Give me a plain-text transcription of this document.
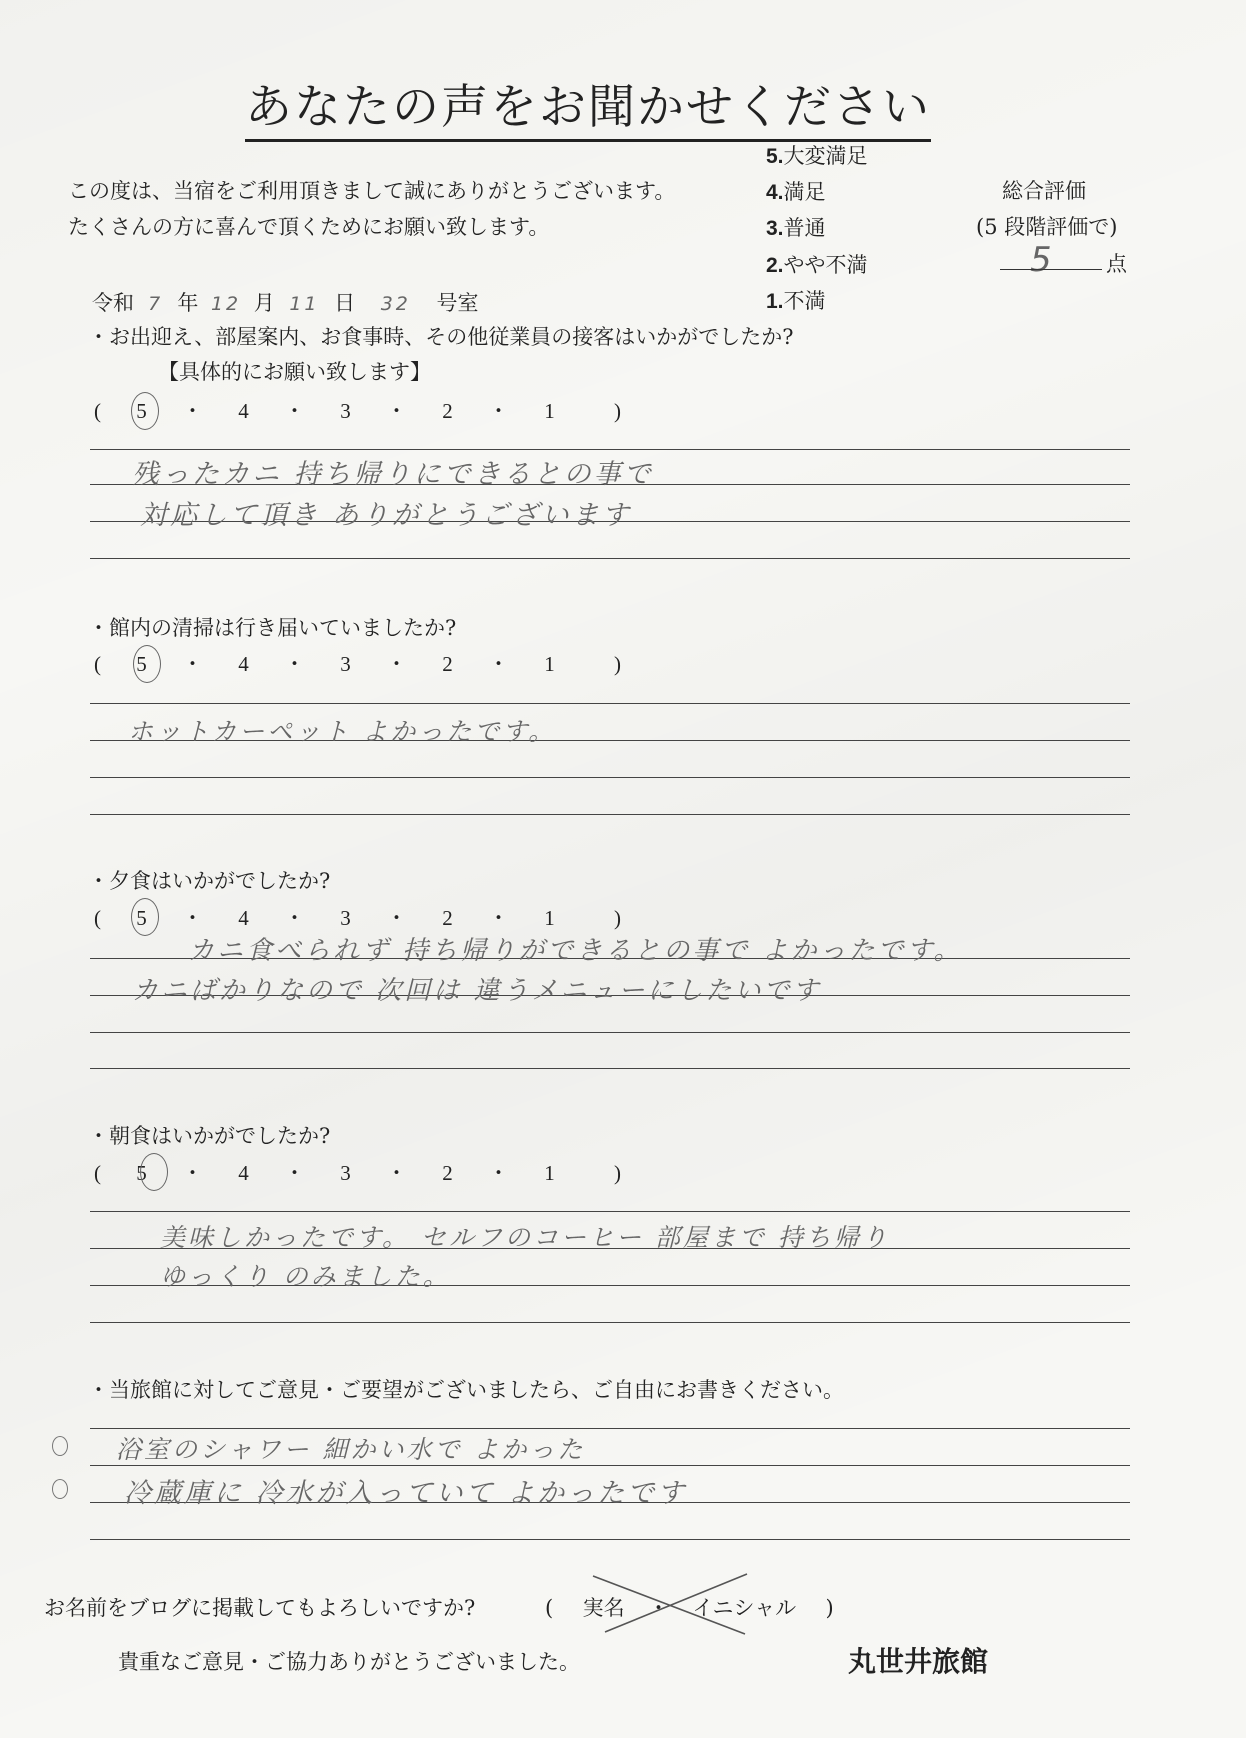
あなたの声をお聞かせください
この度は、当宿をご利用頂きまして誠にありがとうございます。
たくさんの方に喜んで頂くためにお願い致します。
5.大変満足
4.満足
3.普通
2.やや不満
1.不満
総合評価
(5 段階評価で)
5 点
令和 7 年 12 月 11 日 32 号室
・お出迎え、部屋案内、お食事時、その他従業員の接客はいかがでしたか?
【具体的にお願い致します】
( 5 ・ 4 ・ 3 ・ 2 ・ 1	)
残ったカニ 持ち帰りにできるとの事で
対応して頂き ありがとうございます
・館内の清掃は行き届いていましたか?
( 5 ・ 4 ・ 3 ・ 2 ・ 1	)
ホットカーペット よかったです。
・夕食はいかがでしたか?
( 5 ・ 4 ・ 3 ・ 2 ・ 1	)
カニ食べられず 持ち帰りができるとの事で よかったです。
カニばかりなので 次回は 違うメニューにしたいです
・朝食はいかがでしたか?
( 5 ・ 4 ・ 3 ・ 2 ・ 1	)
美味しかったです。 セルフのコーヒー 部屋まで 持ち帰り
ゆっくり のみました。
・当旅館に対してご意見・ご要望がございましたら、ご自由にお書きください。
浴室のシャワー 細かい水で よかった
冷蔵庫に 冷水が入っていて よかったです
お名前をブログに掲載してもよろしいですか?	( 実名 ・ イニシャル )
貴重なご意見・ご協力ありがとうございました。	丸世井旅館
